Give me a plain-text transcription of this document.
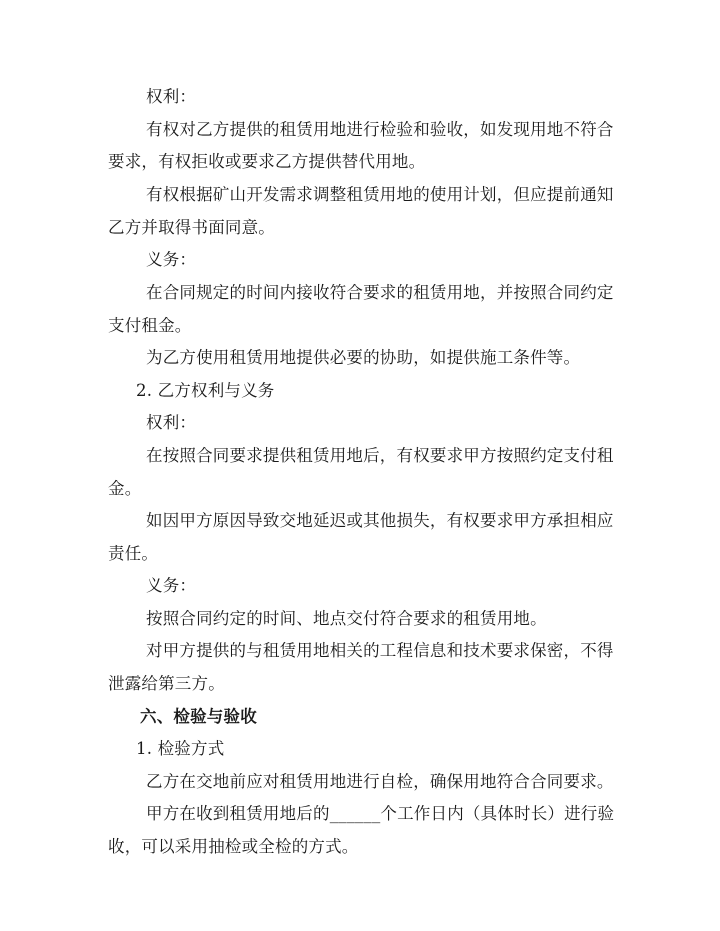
权利：

有权对乙方提供的租赁用地进行检验和验收，如发现用地不符合

要求，有权拒收或要求乙方提供替代用地。

有权根据矿山开发需求调整租赁用地的使用计划，但应提前通知

乙方并取得书面同意。

义务：

在合同规定的时间内接收符合要求的租赁用地，并按照合同约定

支付租金。

为乙方使用租赁用地提供必要的协助，如提供施工条件等。

2. 乙方权利与义务

权利：

在按照合同要求提供租赁用地后，有权要求甲方按照约定支付租

金。

如因甲方原因导致交地延迟或其他损失，有权要求甲方承担相应

责任。

义务：

按照合同约定的时间、地点交付符合要求的租赁用地。

对甲方提供的与租赁用地相关的工程信息和技术要求保密，不得

泄露给第三方。

六、检验与验收

1. 检验方式

乙方在交地前应对租赁用地进行自检，确保用地符合合同要求。

甲方在收到租赁用地后的______个工作日内（具体时长）进行验

收，可以采用抽检或全检的方式。
